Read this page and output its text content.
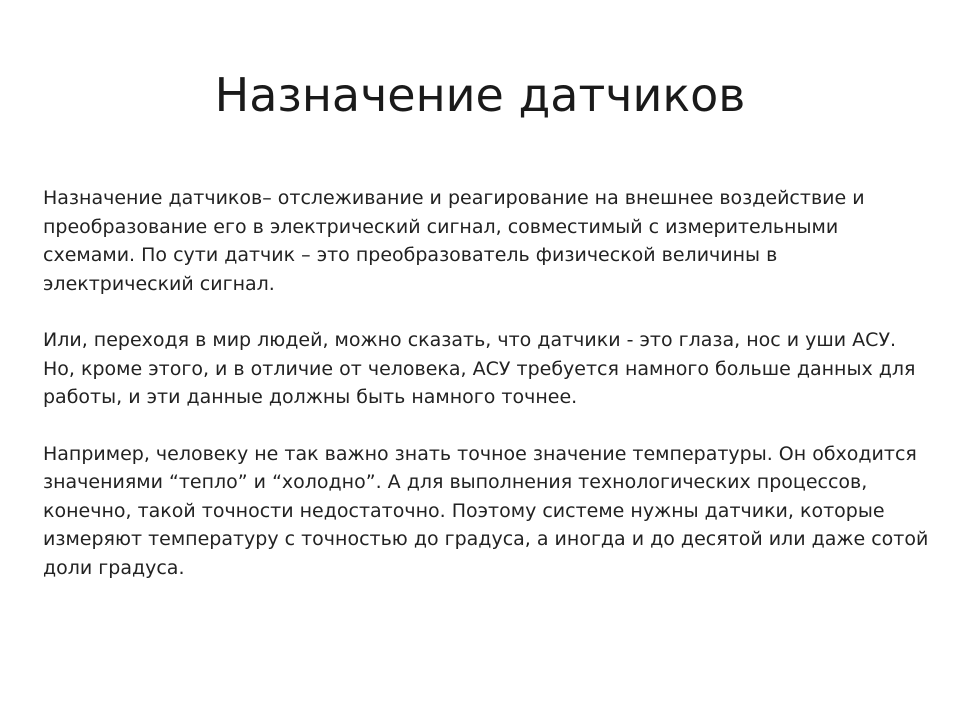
Назначение датчиков

Назначение датчиков– отслеживание и реагирование на внешнее воздействие и
преобразование его в электрический сигнал, совместимый с измерительными
схемами. По сути датчик – это преобразователь физической величины в
электрический сигнал.

Или, переходя в мир людей, можно сказать, что датчики - это глаза, нос и уши АСУ.
Но, кроме этого, и в отличие от человека, АСУ требуется намного больше данных для
работы, и эти данные должны быть намного точнее.

Например, человеку не так важно знать точное значение температуры. Он обходится
значениями “тепло” и “холодно”. А для выполнения технологических процессов,
конечно, такой точности недостаточно. Поэтому системе нужны датчики, которые
измеряют температуру с точностью до градуса, а иногда и до десятой или даже сотой
доли градуса.
